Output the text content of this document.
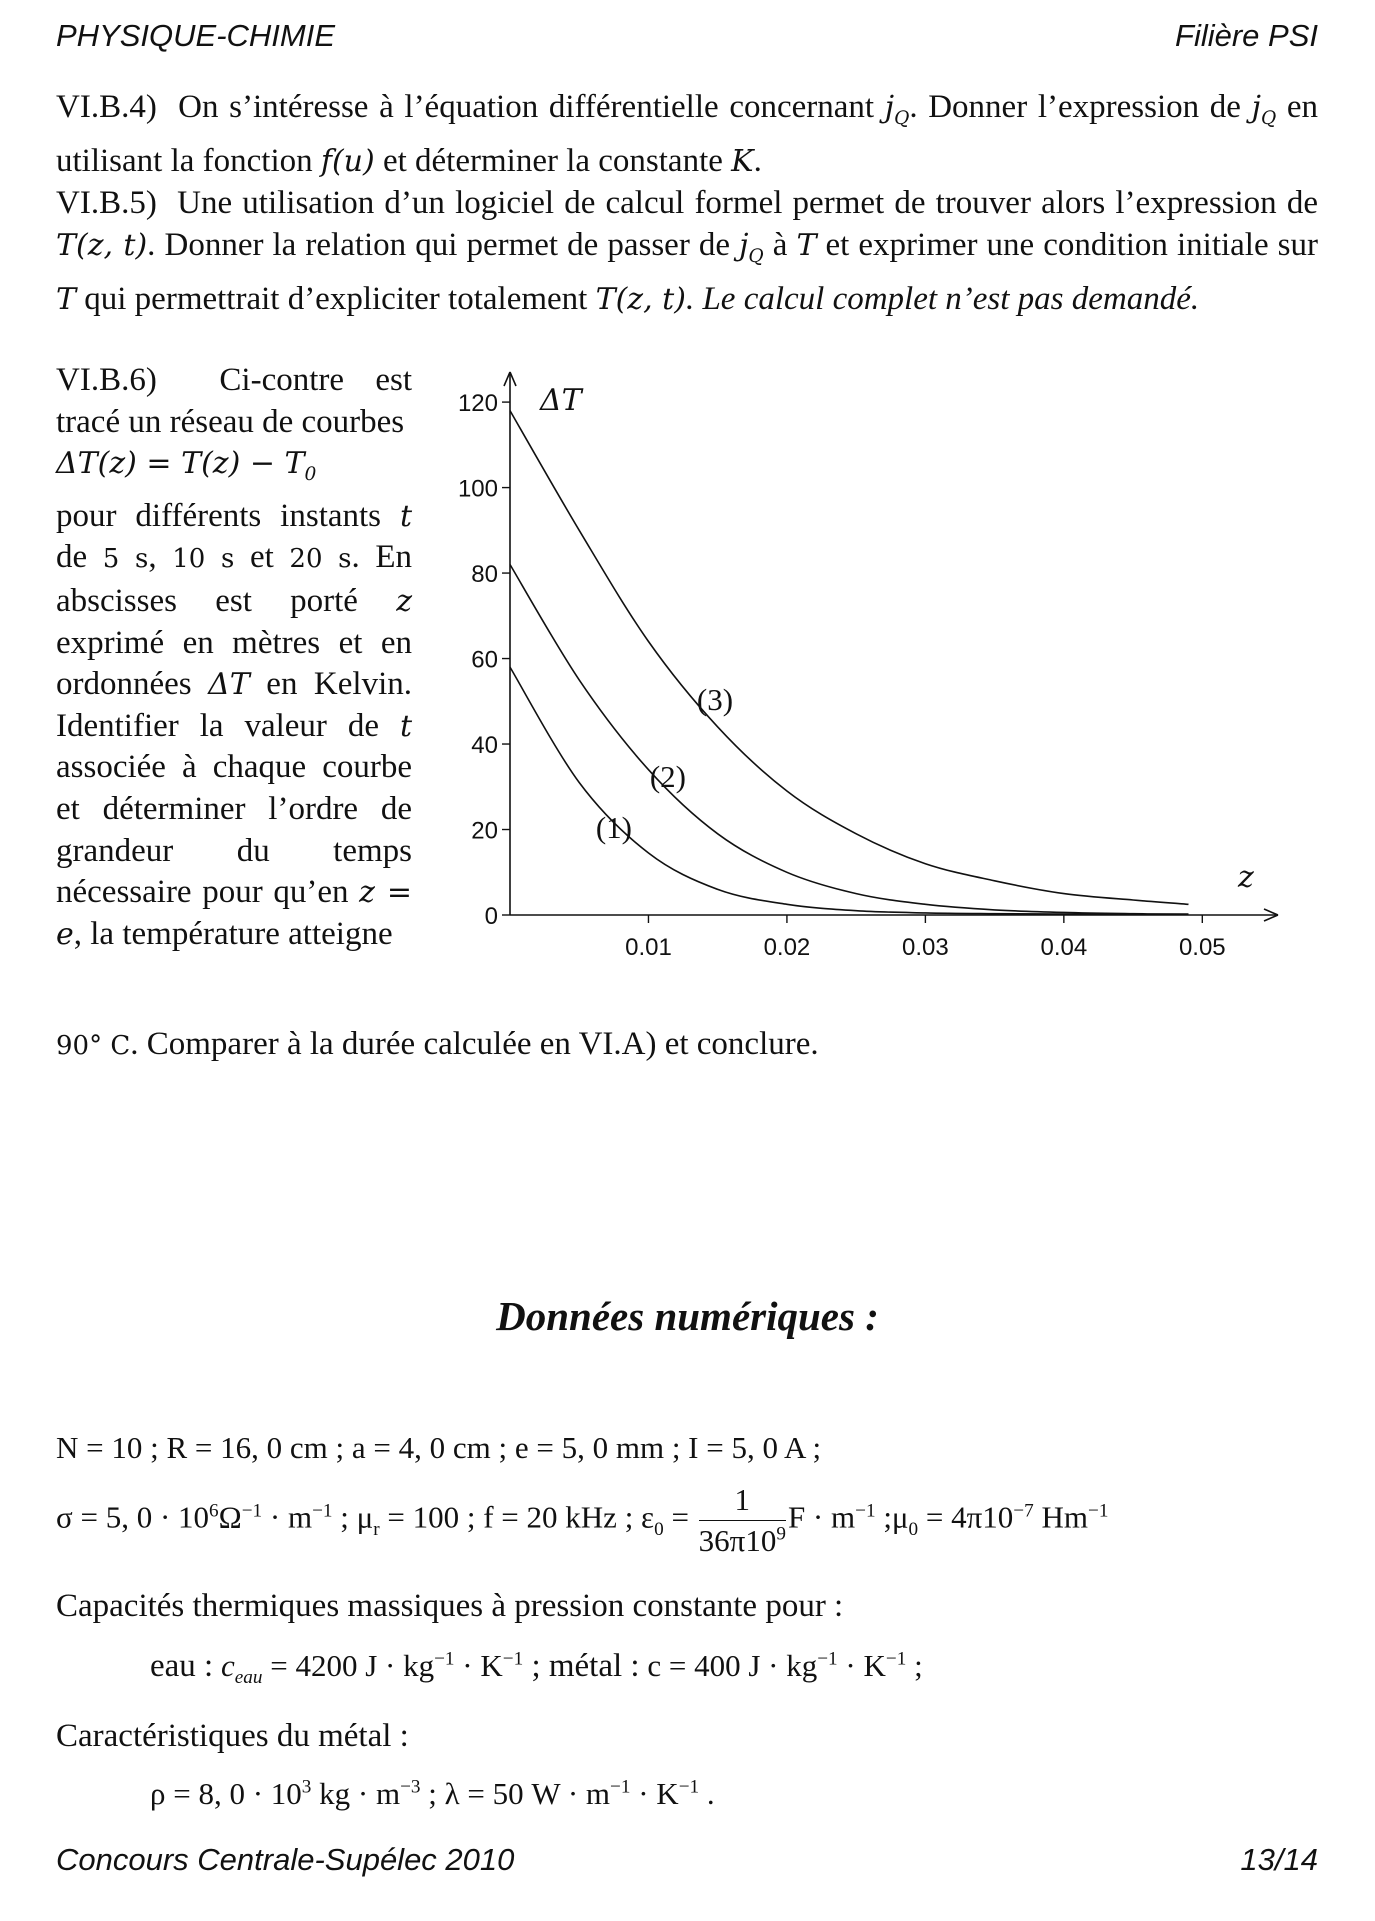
PHYSIQUE-CHIMIE	Filière PSI
VI.B.4) On s’intéresse à l’équation différentielle concernant $j_Q$. Donner l’expression de $j_Q$ en utilisant la fonction f(u) et déterminer la constante K.
VI.B.5) Une utilisation d’un logiciel de calcul formel permet de trouver alors l’expression de T(z, t). Donner la relation qui permet de passer de $j_Q$ à T et exprimer une condition initiale sur T qui permettrait d’expliciter totalement T(z, t). Le calcul complet n’est pas demandé.
VI.B.6) Ci-contre est tracé un réseau de courbes
$\Delta T(z) = T(z) - T_0$
pour différents instants t de 5 s, 10 s et 20 s. En abscisses est porté z exprimé en mètres et en ordonnées ΔT en Kelvin. Identifier la valeur de t associée à chaque courbe et déterminer l’ordre de grandeur du temps nécessaire pour qu’en z = e, la température atteigne
90° C. Comparer à la durée calculée en VI.A) et conclure.
0
20
40
60
80
100
120
0.01	0.02	0.03	0.04	0.05
ΔT
z
(1)
(2)
(3)
Données numériques :
N = 10 ; R = 16, 0 cm ; a = 4, 0 cm ; e = 5, 0 mm ; I = 5, 0 A ;
σ = 5, $0 \cdot 10^6\Omega^{-1} \cdot m^{-1}$ ; $\mu_r = 100$ ; f = 20 kHz ; $\varepsilon_0 = \frac{1}{36\pi 10^9}$ $F \cdot m^{-1}$ $;\mu_0 = 4\pi 10^{-7}$ $Hm^{-1}$
Capacités thermiques massiques à pression constante pour :
eau : $c_{eau} = 4200$ $J \cdot kg^{-1} \cdot K^{-1}$ ; métal : c = 400 $J \cdot kg^{-1} \cdot K^{-1}$ ;
Caractéristiques du métal :
ρ = 8, $0 \cdot 10^3$ kg · $m^{-3}$ ; λ = 50 $W \cdot m^{-1} \cdot K^{-1}$ .
Concours Centrale-Supélec 2010	13/14
